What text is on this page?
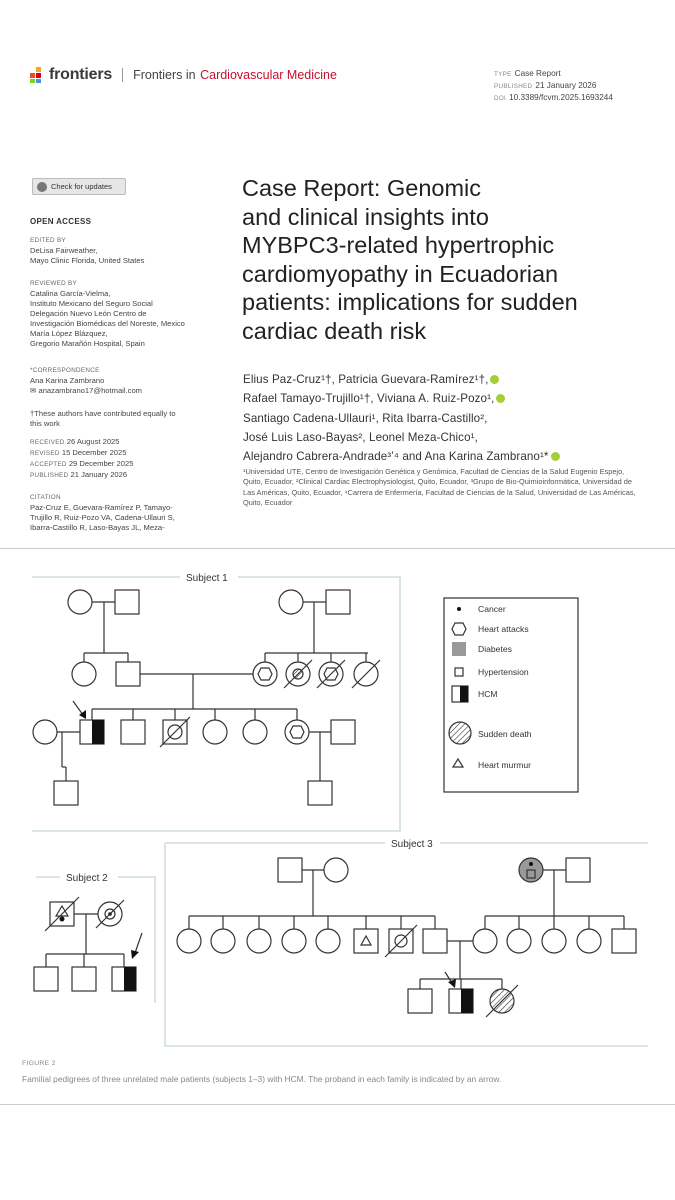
frontiers Frontiers in
Cardiovascular Medicine	TYPE Case Report
PUBLISHED 21 January 2026
DOI 10.3389/fcvm.2025.1693244
Check for updates
OPEN ACCESS
EDITED BY
DeLisa Fairweather,
Mayo Clinic Florida, United States
REVIEWED BY
Catalina García-Vielma,
Instituto Mexicano del Seguro Social
Delegación Nuevo León Centro de
Investigación Biomédicas del Noreste, Mexico
María López Blázquez,
Gregorio Marañón Hospital, Spain
*CORRESPONDENCE
Ana Karina Zambrano
✉ anazambrano17@hotmail.com
†These authors have contributed equally to
this work
RECEIVED 26 August 2025
REVISED 15 December 2025
ACCEPTED 29 December 2025
PUBLISHED 21 January 2026
CITATION
Paz-Cruz E, Guevara-Ramírez P, Tamayo-
Trujillo R, Ruiz-Pozo VA, Cadena-Ullauri S,
Ibarra-Castillo R, Laso-Bayas JL, Meza-
Case Report: Genomic
and clinical insights into
MYBPC3-related hypertrophic
cardiomyopathy in Ecuadorian
patients: implications for sudden
cardiac death risk
Elius Paz-Cruz¹†, Patricia Guevara-Ramírez¹†,
Rafael Tamayo-Trujillo¹†, Viviana A. Ruiz-Pozo¹,
Santiago Cadena-Ullauri¹, Rita Ibarra-Castillo²,
José Luis Laso-Bayas², Leonel Meza-Chico¹,
Alejandro Cabrera-Andrade³ʼ⁴ and Ana Karina Zambrano¹*
¹Universidad UTE, Centro de Investigación Genética y Genómica, Facultad de Ciencias de la Salud Eugenio Espejo, Quito, Ecuador, ²Clinical Cardiac Electrophysiologist, Quito, Ecuador, ³Grupo de Bio-Quimioinformática, Universidad de Las Américas, Quito, Ecuador, ⁴Carrera de Enfermería, Facultad de Ciencias de la Salud, Universidad de Las Américas, Quito, Ecuador
Subject 1
Subject 2
Subject 3
Cancer
Heart attacks
Diabetes
Hypertension
HCM
Sudden death
Heart murmur
FIGURE 2
Familial pedigrees of three unrelated male patients (subjects 1–3) with HCM. The proband in each family is indicated by an arrow.
